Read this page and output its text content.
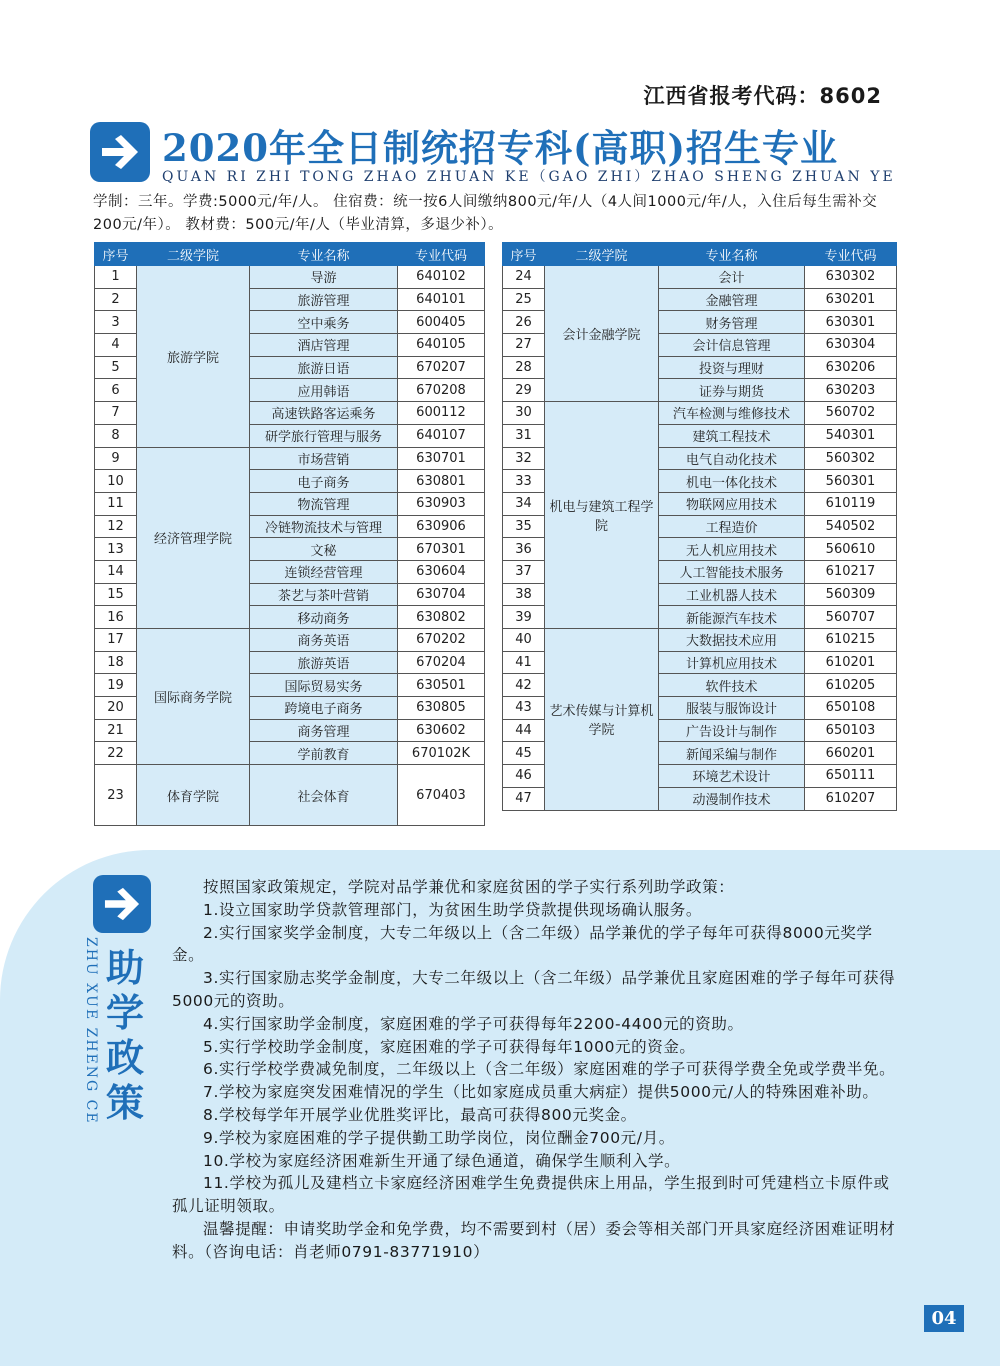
江西省报考代码：8602
2020年全日制统招专科(高职)招生专业
QUAN RI ZHI TONG ZHAO ZHUAN KE（GAO ZHI）ZHAO SHENG ZHUAN YE
学制：三年。学费:5000元/年/人。 住宿费：统一按6人间缴纳800元/年/人（4人间1000元/年/人，入住后每生需补交200元/年）。 教材费：500元/年/人（毕业清算，多退少补）。
序号	二级学院	专业名称	专业代码
1	旅游学院	导游	640102
2		旅游管理	640101
3		空中乘务	600405
4		酒店管理	640105
5		旅游日语	670207
6		应用韩语	670208
7		高速铁路客运乘务	600112
8		研学旅行管理与服务	640107
9	经济管理学院	市场营销	630701
10		电子商务	630801
11		物流管理	630903
12		冷链物流技术与管理	630906
13		文秘	670301
14		连锁经营管理	630604
15		茶艺与茶叶营销	630704
16		移动商务	630802
17	国际商务学院	商务英语	670202
18		旅游英语	670204
19		国际贸易实务	630501
20		跨境电子商务	630805
21		商务管理	630602
22		学前教育	670102K
23	体育学院	社会体育	670403
序号	二级学院	专业名称	专业代码
24	会计金融学院	会计	630302
25		金融管理	630201
26		财务管理	630301
27		会计信息管理	630304
28		投资与理财	630206
29		证券与期货	630203
30	机电与建筑工程学院	汽车检测与维修技术	560702
31		建筑工程技术	540301
32		电气自动化技术	560302
33		机电一体化技术	560301
34		物联网应用技术	610119
35		工程造价	540502
36		无人机应用技术	560610
37		人工智能技术服务	610217
38		工业机器人技术	560309
39		新能源汽车技术	560707
40	艺术传媒与计算机学院	大数据技术应用	610215
41		计算机应用技术	610201
42		软件技术	610205
43		服装与服饰设计	650108
44		广告设计与制作	650103
45		新闻采编与制作	660201
46		环境艺术设计	650111
47		动漫制作技术	610207
ZHU XUE ZHENG CE 助学政策

按照国家政策规定，学院对品学兼优和家庭贫困的学子实行系列助学政策：

1.设立国家助学贷款管理部门，为贫困生助学贷款提供现场确认服务。

2.实行国家奖学金制度，大专二年级以上（含二年级）品学兼优的学子每年可获得8000元奖学金。

3.实行国家励志奖学金制度，大专二年级以上（含二年级）品学兼优且家庭困难的学子每年可获得5000元的资助。

4.实行国家助学金制度，家庭困难的学子可获得每年2200-4400元的资助。

5.实行学校助学金制度，家庭困难的学子可获得每年1000元的资金。

6.实行学校学费减免制度，二年级以上（含二年级）家庭困难的学子可获得学费全免或学费半免。

7.学校为家庭突发困难情况的学生（比如家庭成员重大病症）提供5000元/人的特殊困难补助。

8.学校每学年开展学业优胜奖评比，最高可获得800元奖金。

9.学校为家庭困难的学子提供勤工助学岗位，岗位酬金700元/月。

10.学校为家庭经济困难新生开通了绿色通道，确保学生顺利入学。

11.学校为孤儿及建档立卡家庭经济困难学生免费提供床上用品，学生报到时可凭建档立卡原件或孤儿证明领取。

温馨提醒：申请奖助学金和免学费，均不需要到村（居）委会等相关部门开具家庭经济困难证明材料。（咨询电话：肖老师0791-83771910）

04
